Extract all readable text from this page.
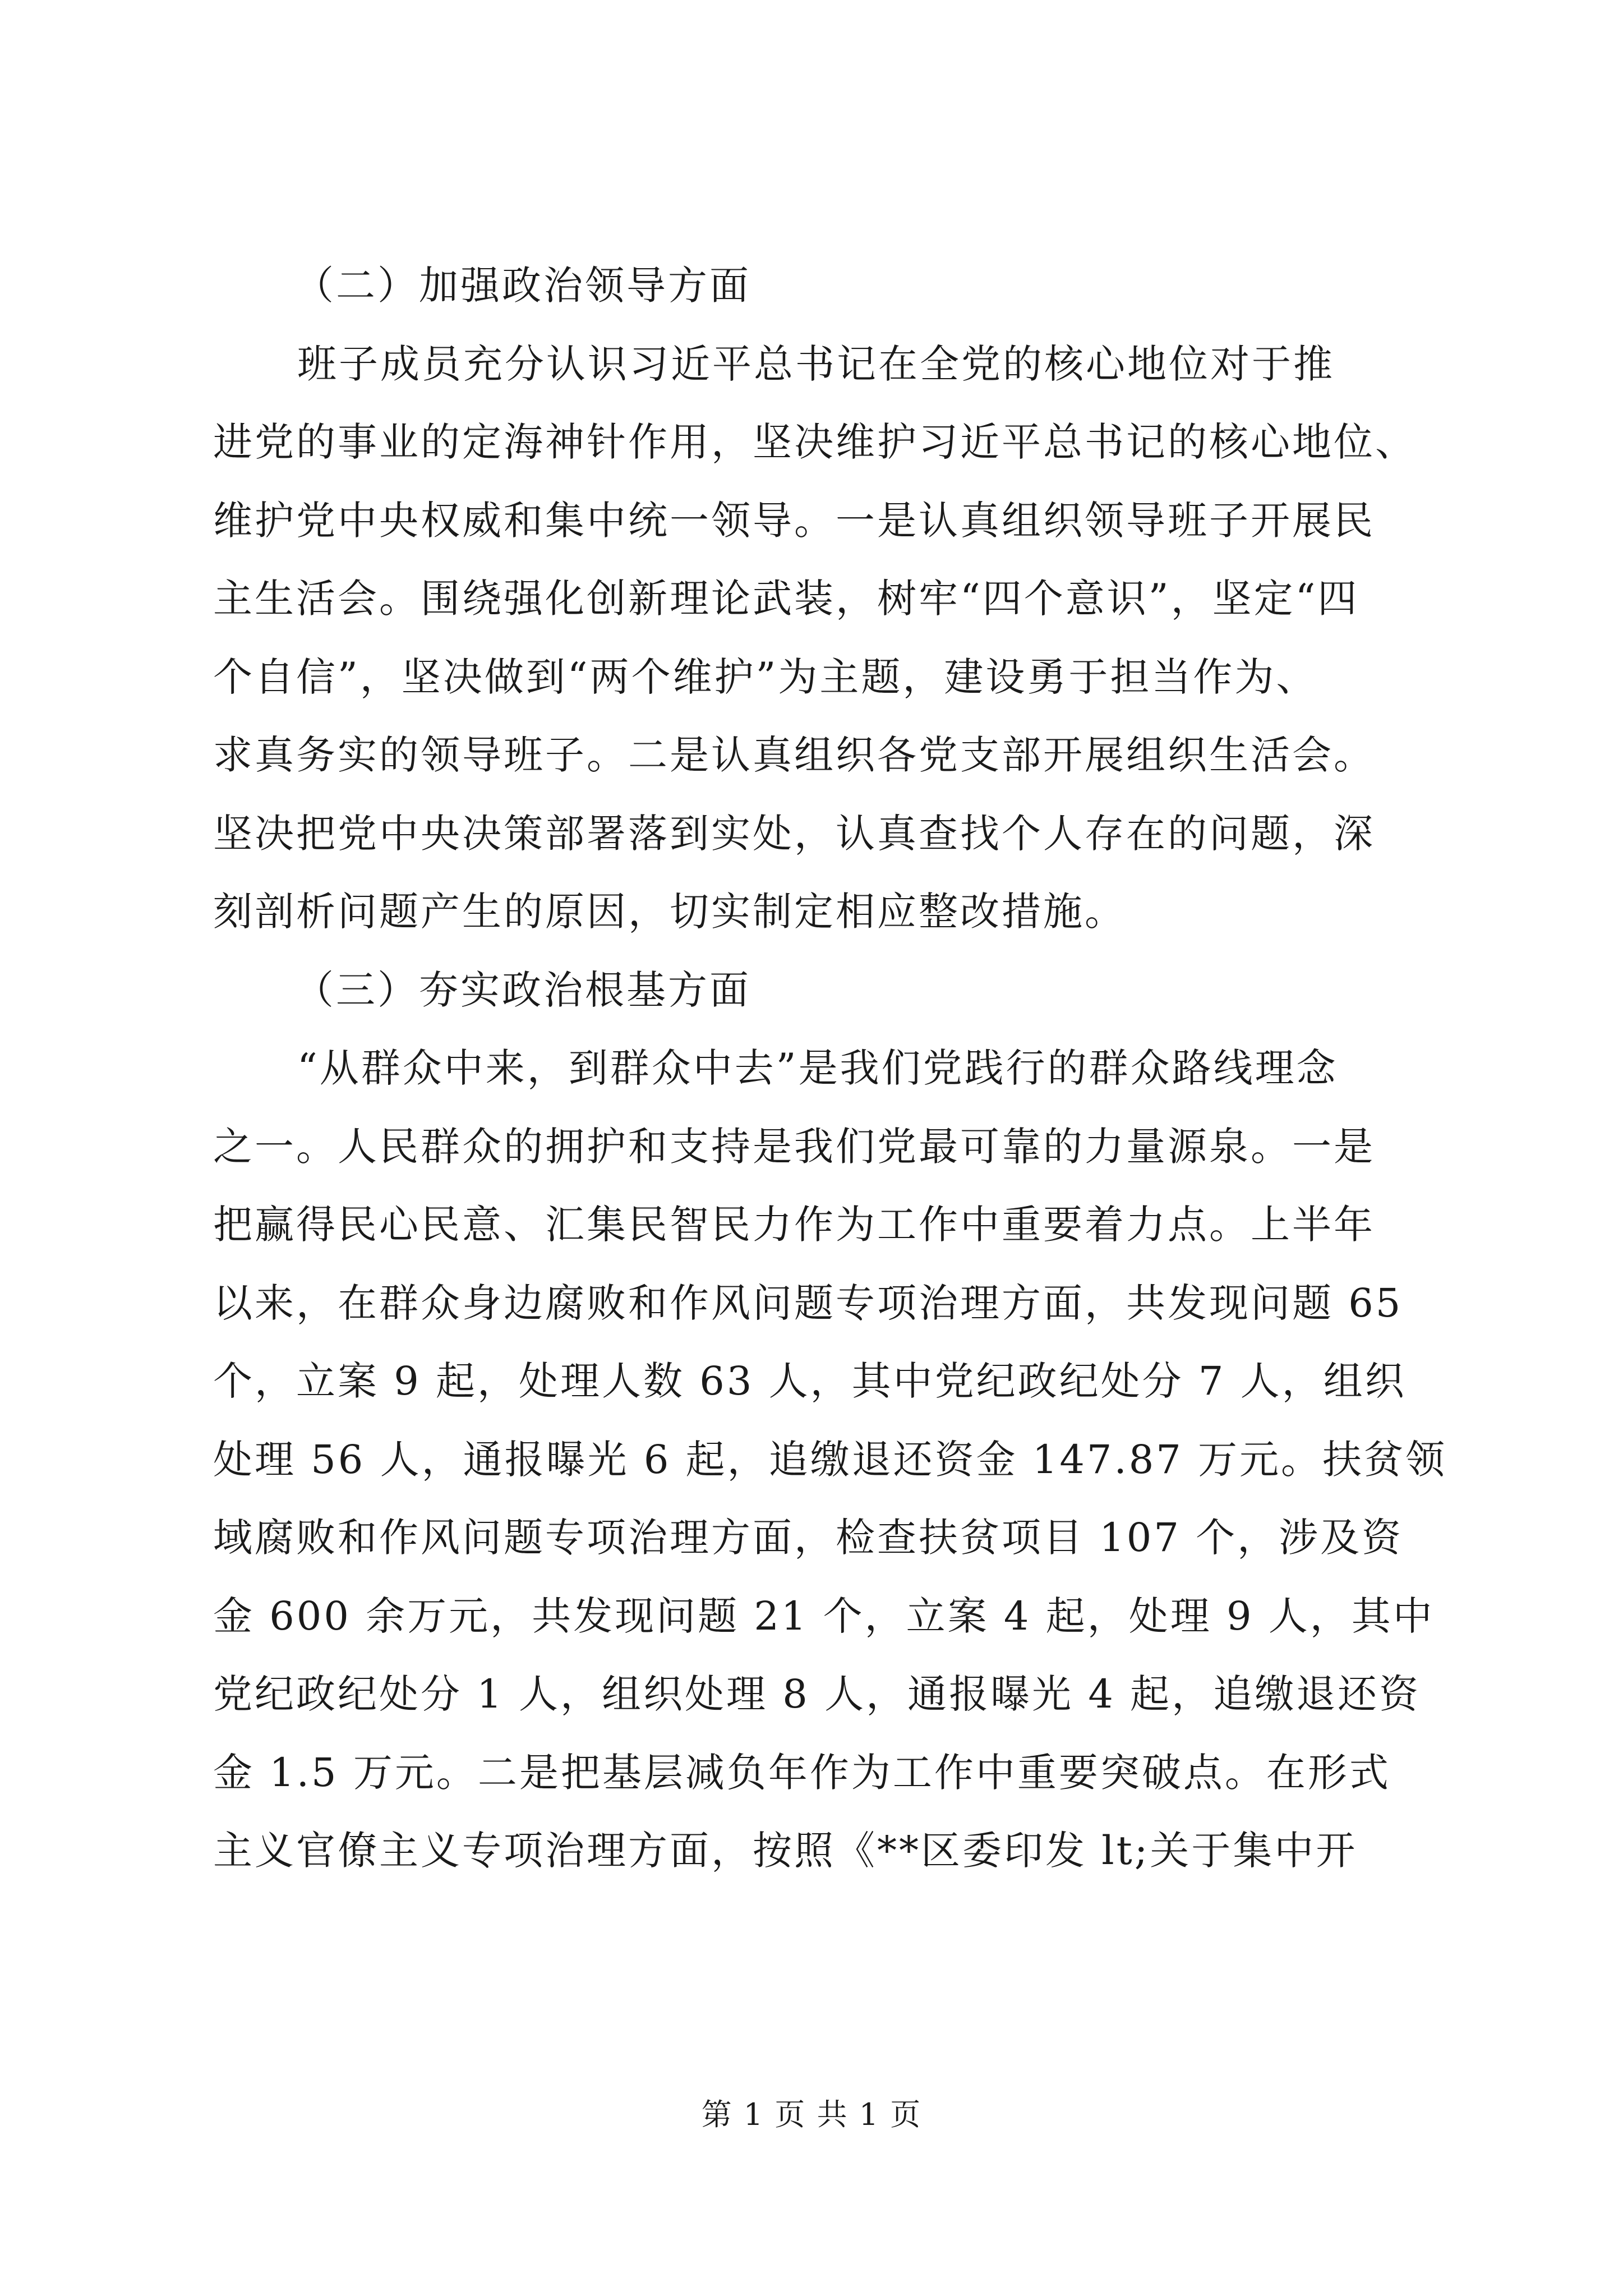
（二）加强政治领导方面
班子成员充分认识习近平总书记在全党的核心地位对于推
进党的事业的定海神针作用，坚决维护习近平总书记的核心地位、
维护党中央权威和集中统一领导。一是认真组织领导班子开展民
主生活会。围绕强化创新理论武装，树牢“四个意识”，坚定“四
个自信”，坚决做到“两个维护”为主题，建设勇于担当作为、
求真务实的领导班子。二是认真组织各党支部开展组织生活会。
坚决把党中央决策部署落到实处，认真查找个人存在的问题，深
刻剖析问题产生的原因，切实制定相应整改措施。
（三）夯实政治根基方面
“从群众中来，到群众中去”是我们党践行的群众路线理念
之一。人民群众的拥护和支持是我们党最可靠的力量源泉。一是
把赢得民心民意、汇集民智民力作为工作中重要着力点。上半年
以来，在群众身边腐败和作风问题专项治理方面，共发现问题 65
个，立案 9 起，处理人数 63 人，其中党纪政纪处分 7 人，组织
处理 56 人，通报曝光 6 起，追缴退还资金 147.87 万元。扶贫领
域腐败和作风问题专项治理方面，检查扶贫项目 107 个，涉及资
金 600 余万元，共发现问题 21 个，立案 4 起，处理 9 人，其中
党纪政纪处分 1 人，组织处理 8 人，通报曝光 4 起，追缴退还资
金 1.5 万元。二是把基层减负年作为工作中重要突破点。在形式
主义官僚主义专项治理方面，按照《**区委印发 lt;关于集中开
第 1 页 共 1 页
